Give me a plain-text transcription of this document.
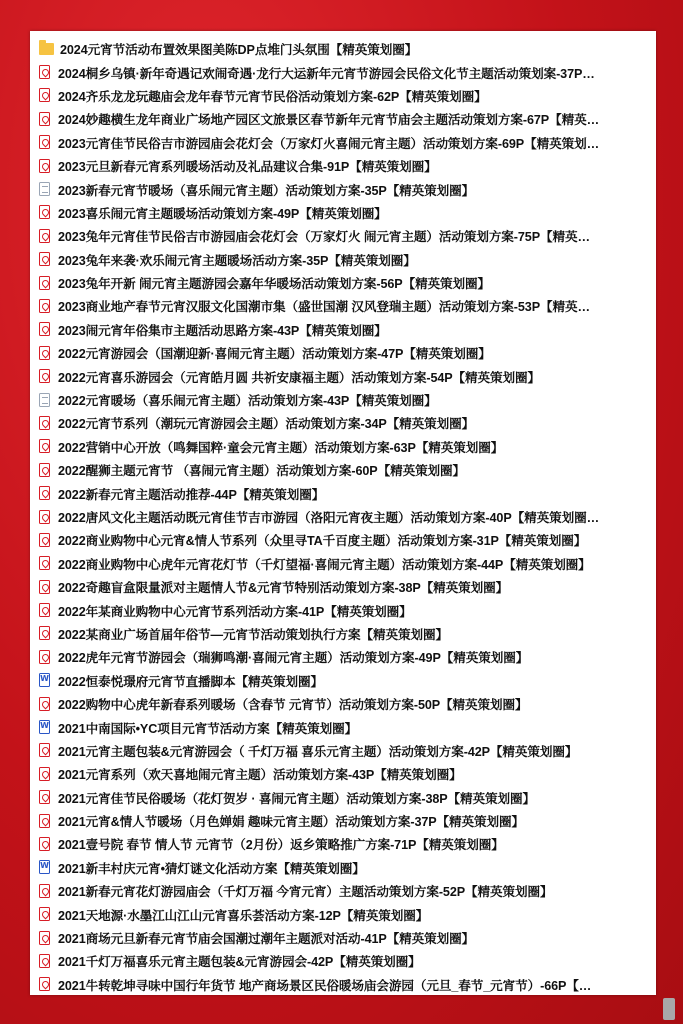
2024元宵节活动布置效果图美陈DP点堆门头氛围【精英策划圈】
2024桐乡乌镇·新年奇遇记欢闹奇遇·龙行大运新年元宵节游园会民俗文化节主题活动策划案-37P…
2024齐乐龙龙玩趣庙会龙年春节元宵节民俗活动策划方案-62P【精英策划圈】
2024妙趣横生龙年商业广场地产园区文旅景区春节新年元宵节庙会主题活动策划方案-67P【精英…
2023元宵佳节民俗吉市游园庙会花灯会（万家灯火喜闹元宵主题）活动策划方案-69P【精英策划…
2023元旦新春元宵系列暖场活动及礼品建议合集-91P【精英策划圈】
2023新春元宵节暖场（喜乐闹元宵主题）活动策划方案-35P【精英策划圈】
2023喜乐闹元宵主题暖场活动策划方案-49P【精英策划圈】
2023兔年元宵佳节民俗吉市游园庙会花灯会（万家灯火 闹元宵主题）活动策划方案-75P【精英…
2023兔年来袭·欢乐闹元宵主题暖场活动方案-35P【精英策划圈】
2023兔年开新 闹元宵主题游园会嘉年华暖场活动策划方案-56P【精英策划圈】
2023商业地产春节元宵汉服文化国潮市集（盛世国潮 汉风登瑞主题）活动策划方案-53P【精英…
2023闹元宵年俗集市主题活动思路方案-43P【精英策划圈】
2022元宵游园会（国潮迎新·喜闹元宵主题）活动策划方案-47P【精英策划圈】
2022元宵喜乐游园会（元宵皓月圆 共祈安康福主题）活动策划方案-54P【精英策划圈】
2022元宵暖场（喜乐闹元宵主题）活动策划方案-43P【精英策划圈】
2022元宵节系列（潮玩元宵游园会主题）活动策划方案-34P【精英策划圈】
2022营销中心开放（鸣舞国粹·童会元宵主题）活动策划方案-63P【精英策划圈】
2022醒狮主题元宵节 （喜闹元宵主题）活动策划方案-60P【精英策划圈】
2022新春元宵主题活动推荐-44P【精英策划圈】
2022唐风文化主题活动既元宵佳节吉市游园（洛阳元宵夜主题）活动策划方案-40P【精英策划圈…
2022商业购物中心元宵&情人节系列（众里寻TA千百度主题）活动策划方案-31P【精英策划圈】
2022商业购物中心虎年元宵花灯节（千灯望福·喜闹元宵主题）活动策划方案-44P【精英策划圈】
2022奇趣盲盒限量派对主题情人节&元宵节特别活动策划方案-38P【精英策划圈】
2022年某商业购物中心元宵节系列活动方案-41P【精英策划圈】
2022某商业广场首届年俗节—元宵节活动策划执行方案【精英策划圈】
2022虎年元宵节游园会（瑞狮鸣潮·喜闹元宵主题）活动策划方案-49P【精英策划圈】
W
2022恒泰悦璟府元宵节直播脚本【精英策划圈】
2022购物中心虎年新春系列暖场（含春节 元宵节）活动策划方案-50P【精英策划圈】
W
2021中南国际•YC项目元宵节活动方案【精英策划圈】
2021元宵主题包装&元宵游园会（ 千灯万福 喜乐元宵主题）活动策划方案-42P【精英策划圈】
2021元宵系列（欢天喜地闹元宵主题）活动策划方案-43P【精英策划圈】
2021元宵佳节民俗暖场（花灯贺岁 · 喜闹元宵主题）活动策划方案-38P【精英策划圈】
2021元宵&情人节暖场（月色婵娟 趣味元宵主题）活动策划方案-37P【精英策划圈】
2021壹号院 春节 情人节 元宵节（2月份）返乡策略推广方案-71P【精英策划圈】
W
2021新丰村庆元宵•猜灯谜文化活动方案【精英策划圈】
2021新春元宵花灯游园庙会（千灯万福 今宵元宵）主题活动策划方案-52P【精英策划圈】
2021天地源·水墨江山江山元宵喜乐荟活动方案-12P【精英策划圈】
2021商场元旦新春元宵节庙会国潮过潮年主题派对活动-41P【精英策划圈】
2021千灯万福喜乐元宵主题包装&元宵游园会-42P【精英策划圈】
2021牛转乾坤寻味中国行年货节 地产商场景区民俗暖场庙会游园（元旦_春节_元宵节）-66P【…
